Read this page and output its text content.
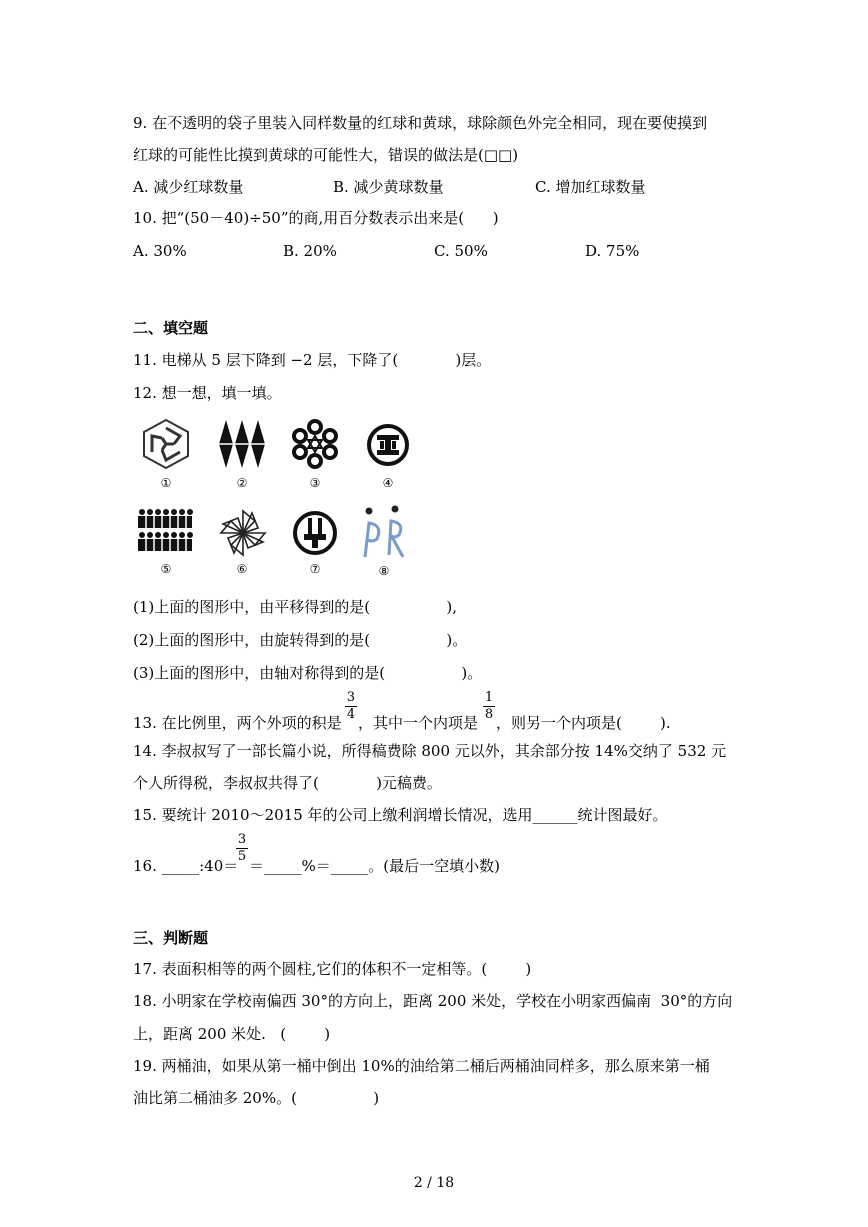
9. 在不透明的袋子里装入同样数量的红球和黄球，球除颜色外完全相同，现在要使摸到
红球的可能性比摸到黄球的可能性大，错误的做法是(□□)
A. 减少红球数量	B. 减少黄球数量	C. 增加红球数量
10. 把“(50－40)÷50”的商,用百分数表示出来是(      )
A. 30%	B. 20%	C. 50%	D. 75%
二、填空题
11. 电梯从 5 层下降到 −2 层，下降了(            )层。
12. 想一想，填一填。
①	②	③	④
⑤	⑥	⑦	⑧
(1)上面的图形中，由平移得到的是(                ),
(2)上面的图形中，由旋转得到的是(                )。
(3)上面的图形中，由轴对称得到的是(                )。
13. 在比例里，两个外项的积是
3
4 ，其中一个内项是
1
8 ，则另一个内项是(        ).
14. 李叔叔写了一部长篇小说，所得稿费除 800 元以外，其余部分按 14%交纳了 532 元
个人所得税，李叔叔共得了(            )元稿费。
15. 要统计 2010～2015 年的公司上缴利润增长情况，选用______统计图最好。
16. _____:40＝
3
5
＝_____%＝_____。(最后一空填小数)
三、判断题
17. 表面积相等的两个圆柱,它们的体积不一定相等。(        )
18. 小明家在学校南偏西 30°的方向上，距离 200 米处，学校在小明家西偏南  30°的方向
上，距离 200 米处.   (        )
19. 两桶油，如果从第一桶中倒出 10%的油给第二桶后两桶油同样多，那么原来第一桶
油比第二桶油多 20%。(                )
2 / 18
